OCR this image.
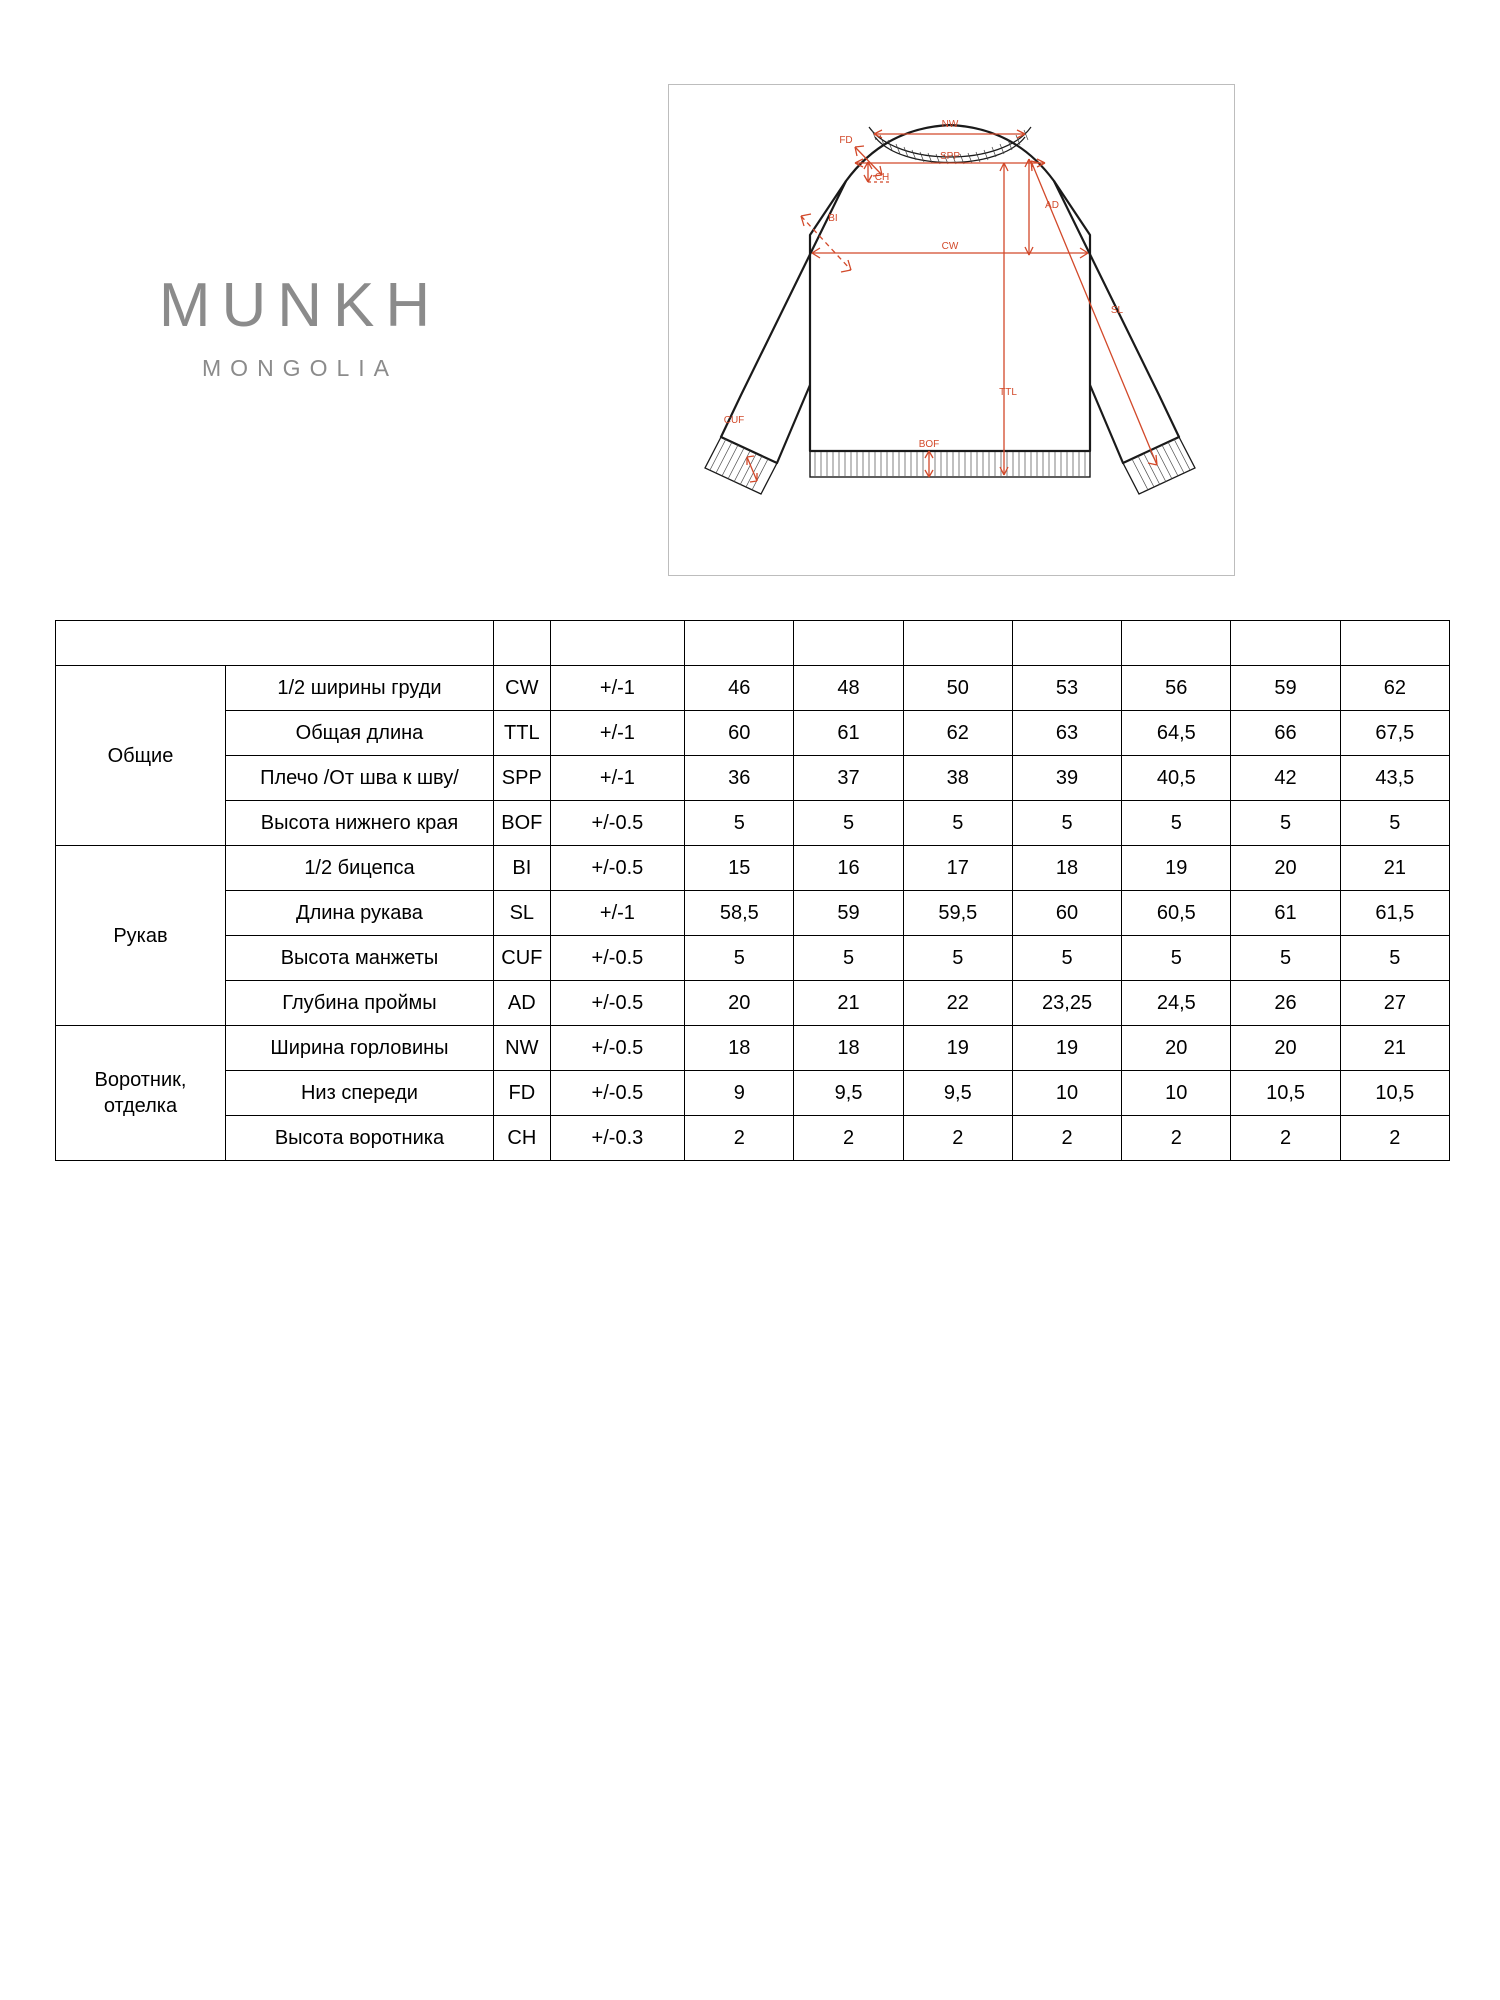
MUNKH
MONGOLIA
NW
FD
SPP
CH
BI
CW
AD
SL
TTL
CUF
BOF
Measurements		Abb	Отклонение	S	M	L	XL	2XL	3XL	4XL
Общие	1/2 ширины груди	CW	+/-1	46	48	50	53	56	59	62
	Общая длина	TTL	+/-1	60	61	62	63	64,5	66	67,5
	Плечо /От шва к шву/	SPP	+/-1	36	37	38	39	40,5	42	43,5
	Высота нижнего края	BOF	+/-0.5	5	5	5	5	5	5	5
Рукав	1/2 бицепса	BI	+/-0.5	15	16	17	18	19	20	21
	Длина рукава	SL	+/-1	58,5	59	59,5	60	60,5	61	61,5
	Высота манжеты	CUF	+/-0.5	5	5	5	5	5	5	5
	Глубина проймы	AD	+/-0.5	20	21	22	23,25	24,5	26	27
Воротник, отделка	Ширина горловины	NW	+/-0.5	18	18	19	19	20	20	21
	Низ спереди	FD	+/-0.5	9	9,5	9,5	10	10	10,5	10,5
	Высота воротника	CH	+/-0.3	2	2	2	2	2	2	2
